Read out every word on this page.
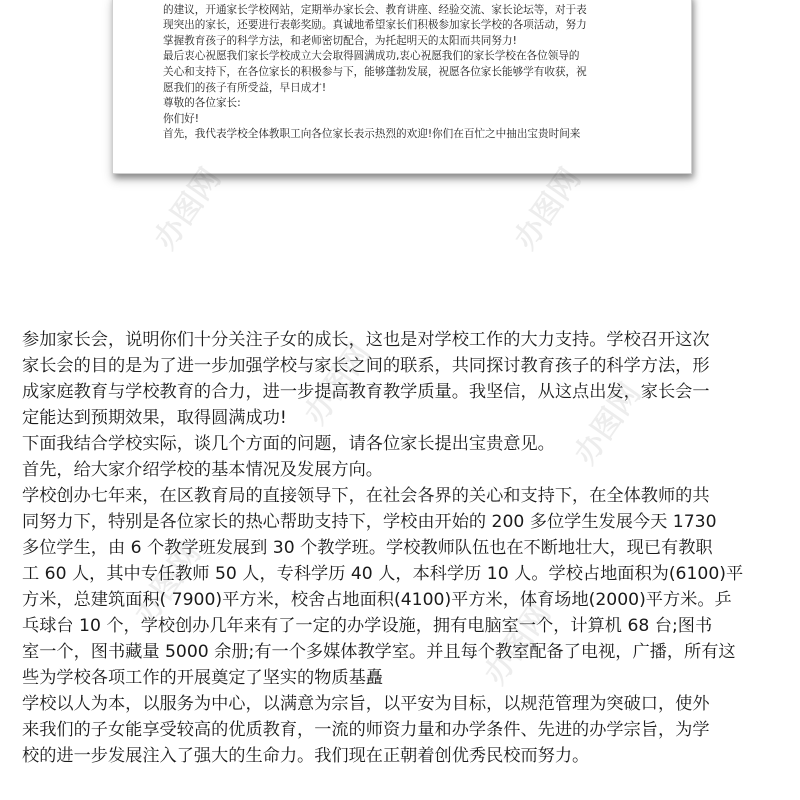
的建议，开通家长学校网站，定期举办家长会、教育讲座、经验交流、家长论坛等，对于表
现突出的家长，还要进行表彰奖励。真诚地希望家长们积极参加家长学校的各项活动，努力
掌握教育孩子的科学方法，和老师密切配合，为托起明天的太阳而共同努力!
最后衷心祝愿我们家长学校成立大会取得圆满成功,衷心祝愿我们的家长学校在各位领导的
关心和支持下，在各位家长的积极参与下，能够蓬勃发展，祝愿各位家长能够学有收获，祝
愿我们的孩子有所受益，早日成才!
尊敬的各位家长:
你们好!
首先，我代表学校全体教职工向各位家长表示热烈的欢迎!你们在百忙之中抽出宝贵时间来
办图网	办图网
办图网	办图网
办图网
办图网
参加家长会，说明你们十分关注子女的成长，这也是对学校工作的大力支持。学校召开这次
家长会的目的是为了进一步加强学校与家长之间的联系，共同探讨教育孩子的科学方法，形
成家庭教育与学校教育的合力，进一步提高教育教学质量。我坚信，从这点出发，家长会一
定能达到预期效果，取得圆满成功!
下面我结合学校实际，谈几个方面的问题，请各位家长提出宝贵意见。
首先，给大家介绍学校的基本情况及发展方向。
学校创办七年来，在区教育局的直接领导下，在社会各界的关心和支持下，在全体教师的共
同努力下，特别是各位家长的热心帮助支持下，学校由开始的 200 多位学生发展今天 1730
多位学生，由 6 个教学班发展到 30 个教学班。学校教师队伍也在不断地壮大，现已有教职
工 60 人，其中专任教师 50 人，专科学历 40 人，本科学历 10 人。学校占地面积为(6100)平
方米，总建筑面积( 7900)平方米，校舍占地面积(4100)平方米，体育场地(2000)平方米。乒
乓球台 10 个，学校创办几年来有了一定的办学设施，拥有电脑室一个，计算机 68 台;图书
室一个，图书藏量 5000 余册;有一个多媒体教学室。并且每个教室配备了电视，广播，所有这
些为学校各项工作的开展奠定了坚实的物质基矗
学校以人为本，以服务为中心，以满意为宗旨，以平安为目标，以规范管理为突破口，使外
来我们的子女能享受较高的优质教育，一流的师资力量和办学条件、先进的办学宗旨，为学
校的进一步发展注入了强大的生命力。我们现在正朝着创优秀民校而努力。
